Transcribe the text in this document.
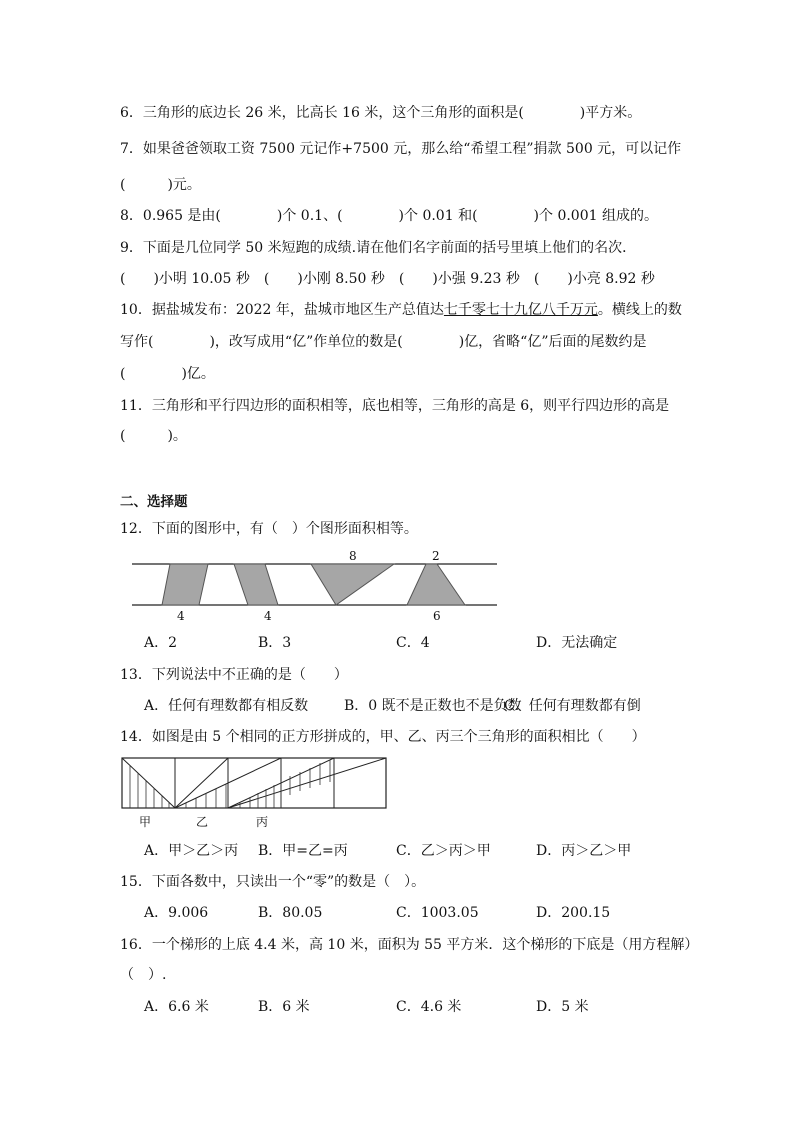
6．三角形的底边长 26 米，比高长 16 米，这个三角形的面积是(　　　　)平方米。
7．如果爸爸领取工资 7500 元记作+7500 元，那么给“希望工程”捐款 500 元，可以记作
(　　　)元。
8．0.965 是由(　　　　)个 0.1、(　　　　)个 0.01 和(　　　　)个 0.001 组成的。
9．下面是几位同学 50 米短跑的成绩.请在他们名字前面的括号里填上他们的名次．
(　　)小明 10.05 秒　(　　)小刚 8.50 秒　(　　)小强 9.23 秒　(　　)小亮 8.92 秒
10．据盐城发布：2022 年，盐城市地区生产总值达七千零七十九亿八千万元。横线上的数
写作(　　　　)，改写成用“亿”作单位的数是(　　　　)亿，省略“亿”后面的尾数约是
(　　　　)亿。
11．三角形和平行四边形的面积相等，底也相等，三角形的高是 6，则平行四边形的高是
(　　　)。
二、选择题
12．下面的图形中，有（　）个图形面积相等。
8	2
4	4	6
A．2	B．3	C．4	D．无法确定
13．下列说法中不正确的是（　　）
A．任何有理数都有相反数	B．0 既不是正数也不是负数
C．任何有理数都有倒
14．如图是由 5 个相同的正方形拼成的，甲、乙、丙三个三角形的面积相比（　　）
甲	乙	丙
A．甲＞乙＞丙 B．甲=乙=丙	C．乙＞丙＞甲	D．丙＞乙＞甲
15．下面各数中，只读出一个“零”的数是（　）。
A．9.006	B．80.05	C．1003.05	D．200.15
16．一个梯形的上底 4.4 米，高 10 米，面积为 55 平方米．这个梯形的下底是（用方程解）
（　）.
A．6.6 米	B．6 米	C．4.6 米	D．5 米
